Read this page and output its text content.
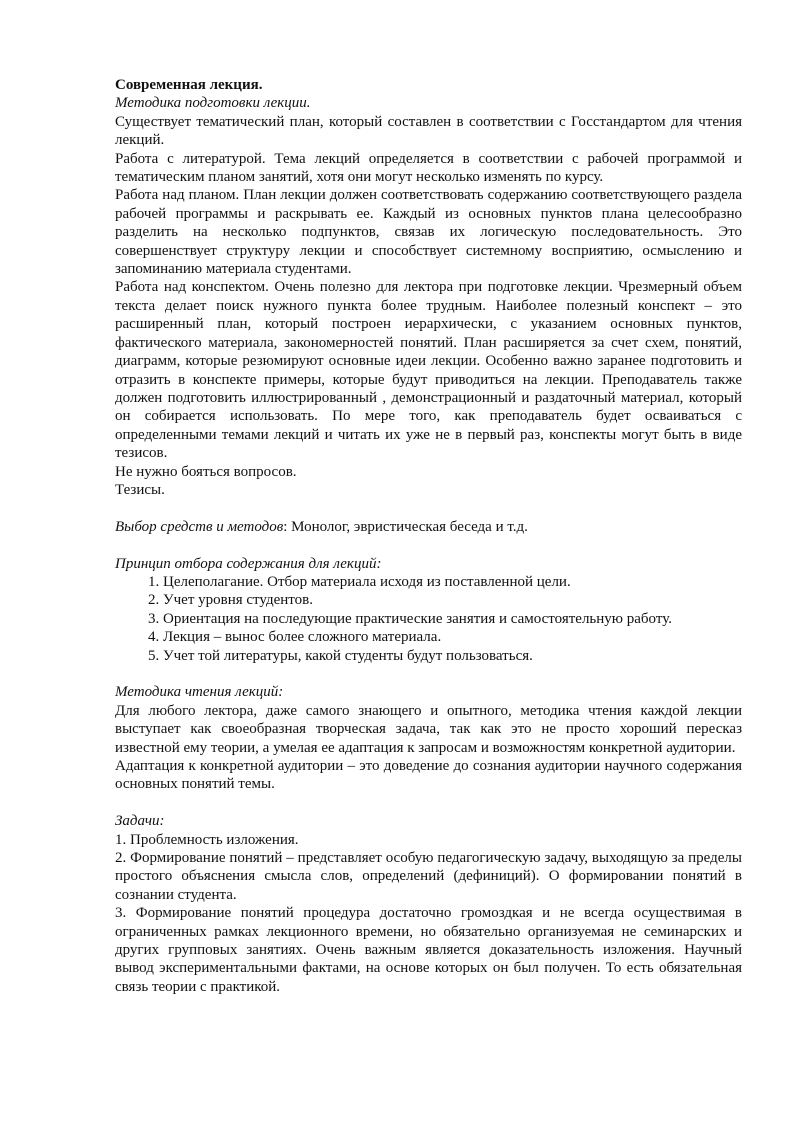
Современная лекция.

Методика подготовки лекции.

Существует тематический план, который составлен в соответствии с Госстандартом для чтения лекций.

Работа с литературой. Тема лекций определяется в соответствии с рабочей программой и тематическим планом занятий, хотя они могут несколько изменять по курсу.

Работа над планом. План лекции должен соответствовать содержанию соответствующего раздела рабочей программы и раскрывать ее. Каждый из основных пунктов плана целесообразно разделить на несколько подпунктов, связав их логическую последовательность. Это совершенствует структуру лекции и способствует системному восприятию, осмыслению и запоминанию материала студентами.

Работа над конспектом. Очень полезно для лектора при подготовке лекции. Чрезмерный объем текста делает поиск нужного пункта более трудным. Наиболее полезный конспект – это расширенный план, который построен иерархически, с указанием основных пунктов, фактического материала, закономерностей понятий. План расширяется за счет схем, понятий, диаграмм, которые резюмируют основные идеи лекции. Особенно важно заранее подготовить и отразить в конспекте примеры, которые будут приводиться на лекции. Преподаватель также должен подготовить иллюстрированный , демонстрационный и раздаточный материал, который он собирается использовать. По мере того, как преподаватель будет осваиваться с определенными темами лекций и читать их уже не в первый раз, конспекты могут быть в виде тезисов.

Не нужно бояться вопросов.

Тезисы.

Выбор средств и методов: Монолог, эвристическая беседа и т.д.

Принцип отбора содержания для лекций:

1. Целеполагание. Отбор материала исходя из поставленной цели.
2. Учет уровня студентов.
3. Ориентация на последующие практические занятия и самостоятельную работу.
4. Лекция – вынос более сложного материала.
5. Учет той литературы, какой студенты будут пользоваться.

Методика чтения лекций:

Для любого лектора, даже самого знающего и опытного, методика чтения каждой лекции выступает как своеобразная творческая задача, так как это не просто хороший пересказ известной ему теории, а умелая ее адаптация к запросам и возможностям конкретной аудитории.

Адаптация к конкретной аудитории – это доведение до сознания аудитории научного содержания основных понятий темы.

Задачи:

1. Проблемность изложения.

2. Формирование понятий – представляет особую педагогическую задачу, выходящую за пределы простого объяснения смысла слов, определений (дефиниций). О формировании понятий в сознании студента.

3. Формирование понятий процедура достаточно громоздкая и не всегда осуществимая в ограниченных рамках лекционного времени, но обязательно организуемая не семинарских и других групповых занятиях. Очень важным является доказательность изложения. Научный вывод экспериментальными фактами, на основе которых он был получен. То есть обязательная связь теории с практикой.
